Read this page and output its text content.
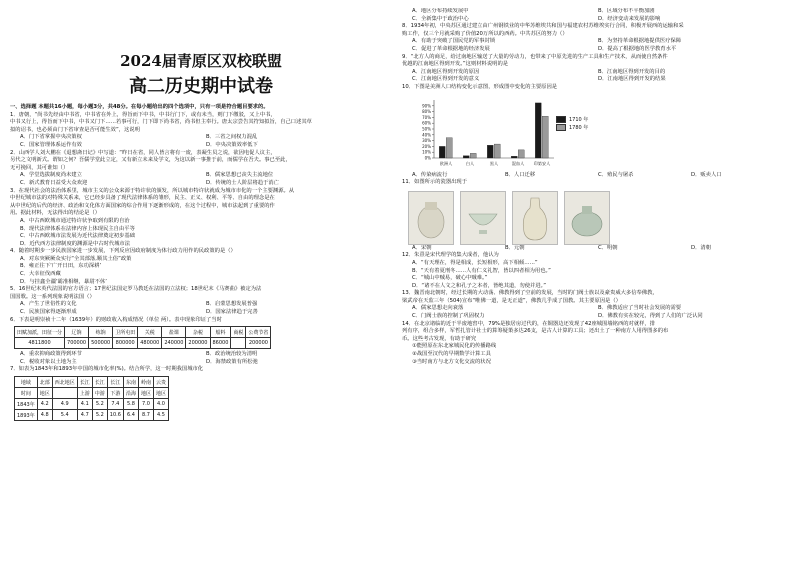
2024届青原区双校联盟
高二历史期中试卷
一、选择题 本题共16小题，每小题3分，共48分。在每小题给出的四个选项中，只有一项是符合题目要求的。
1．唐朝，“尚书先经由中书省，中书省在外上，得旨而下中书，中书行门下，或有未当，则门下缴驳，又上中书，
中书又行上，得旨而下中书，中书又门下……若事可行，门下即下尚书省，尚书但主奉行。唐太宗尝告其符知拟旨，自己口述其草
拟的诏书，也必须由门下省审查是否可能生效”，这说明
A．门下省掌握中央决策权	B．三省之间权力混乱
C．国家管理体系运作有效	D．中央决策效率低下
2．山西学人刘大鹏在《退想斋日记》中写道：“昨日在省，同人皆言将有一废，表凝生员之说，欲因电促人议主，
另代之文明新式。谓如之何？吾儒学堂此立定，又有新立未来及学文，为这以新一事推于前，而儒学在吾夫。事已至此，
无可挽回，其可谁知（）
A．学堂选拔制度尚未建立	B．儒家思想已丧失主流地位
C．新式教育日益受大众欢迎	D．传统的士人阶层将趋于消亡
3．在现代社会的法治体系里，城市主义的公众来源于特许状的颁发，所以城市特许状就成为城市市化的一个主要渊源。从
中世纪城市法的对特殊关系来，它已经步具备了现代法律体系的雏形，民主、正义、权利、平等、自由的理念是在
从中世纪的后代的经济、政治和文化体方面国家的综合作用下逐渐形成的，在这个过程中，城市法起到了重要的作
用。据此材料，无法得出的结论是（）
A．中古西欧城市通过特许状争取到有限的自治
B．现代法律体系在法律内容上体现民主自由平等
C．中古西欧城市法发展为近代法律奠定初步基础
D．近代西方法律制度的渊源是中古时代城市法
4．随着时期步一步民族国家进一步发展，下列反应因政府制度为体行政力用作的民政策的是（）
A．对东突厥厥众实行“全其部落,顺其土俗”政策
B．雍正往下‘广开日田，东功深耕’
C．大幸征伐西藏
D．与挂鑫全疆‘霸准相继，暴尉不休’
5．16世纪末英代法国的官方语言；17世纪法国定罗马教廷在法国的立法权；18世纪末《马赛曲》被定为法
国国歌。这一系列现象说明法国（）
A．产生了世俗性的文化	B．启蒙思想发展普强
C．民族国家得逐渐形成	D．国家法律趋于完善
6．下表是明崇祯十二年（1639年）的财政收入构成情况（单位 两）。表中现象印证了当时
田赋加派，田征一分	辽饷	练饷	卫所屯田	关税	盐课	杂税	船料	商税	公费节省
4811800	700000	500000	800000	480000	240000	200000	86000		200000
A．重农抑商政策得到环节	B．政治统治较为清明
C．税收对象以土地为主	D．海禁政策有所松弛
7．如表为1843年和1893年中国的城市化率(%)。结合所学，这一时期我国城市化
地域	北部	西北地区	长江	长江	长江	东南	岭南	云贵
时间	地区		上游	中游	下游	沿海	地区	地区
1843年	4.2	4.9	4.1	5.2	7.4	5.8	7.0	4.0
1893年	4.8	5.4	4.7	5.2	10.6	6.4	8.7	4.5
A．地区分布持续发展中	B．区域分布不平衡加剧
C．全新集中于政治中心	D．经济变动来发展的影响
8．1934年初，中央苏区通过建立由广州钢铁业的中华苏维埃共和国与福建农村苏维埃实行合同，积极开展西的运输和采
购工作，仅三个月就采购了价值20万所以的西药。中共苏区的努力（）
A．有助于突破了国民党的军事封锁	B．为坚持革命根据地提供医疗保障
C．促进了革命根据地的经济发展	D．提高了根据地的医学教育水平
9．“北方人的商足，给过南地区输送了大量的劳动力，也带来了中原先进的生产工具和生产技术，从而使自然条件
优越的江南地区得到开发。”这则材料说明的是
A．江南地区得到开发的原因	B．江南地区得到开发的目的
C．江南地区得到开发的意义	D．江南地区得到开发的结果
10．下图是美洲人口结构变化示意图，形成图中变化的主要原因是
0%
10%
20%
30%
40%
50%
60%
70%
80%
90%
欧洲人	白人	黑人	混血人 印第安人
1710 年
1780 年
A．传染病流行	B．人口迁移	C．殖民与屠杀	D．贩卖人口
11．如图所示的瓷器出现于
A．宋朝	B．元朝	C．明朝	D．清朝
12．朱熹是宋代理学的集大成者，他认为
A．“有天理在，得是相成，长短相形，高下相倾……”
B．“天有着夏刑冬……人有仁义礼智，皆以四者相为用也。”
C．“城山中贼易，破心中贼难。”
D．“诸不在人文之和孔子之本者，皆绝其道，勿使并进。”
13．魏晋南北朝时，经过长期的大动荡、佛教得到了空前的发展，当时的门阀士族以及豪贵威大多信奉佛教，
梁武帝在天监三年（504)宣布“唯佛一道，是无正道”，佛教几乎成了国教。其主要原因是（）
A．儒家思想走向衰落	B．佛教适应了当时社会发展的需要
C．门阀士族的控制了巩固权力	D．佛教有实在较完，得到了人们的广泛认同
14．在北京诸临的近于半废地窖中，79%是独居房过代的，在铜器边还发现了42座城围墙铭西的对就样，排
列有序，组合多样，军哲扎管计社士的算筹疑策多达26支，是古人计算的工具；还出土了一种南方人用得图多的布
币。这些考古发现，有助于研究
①能照原在东北家城民化的传播路线
②战国至汉代的早期数学计算工具
③当时南方与北方文化交流的状况
